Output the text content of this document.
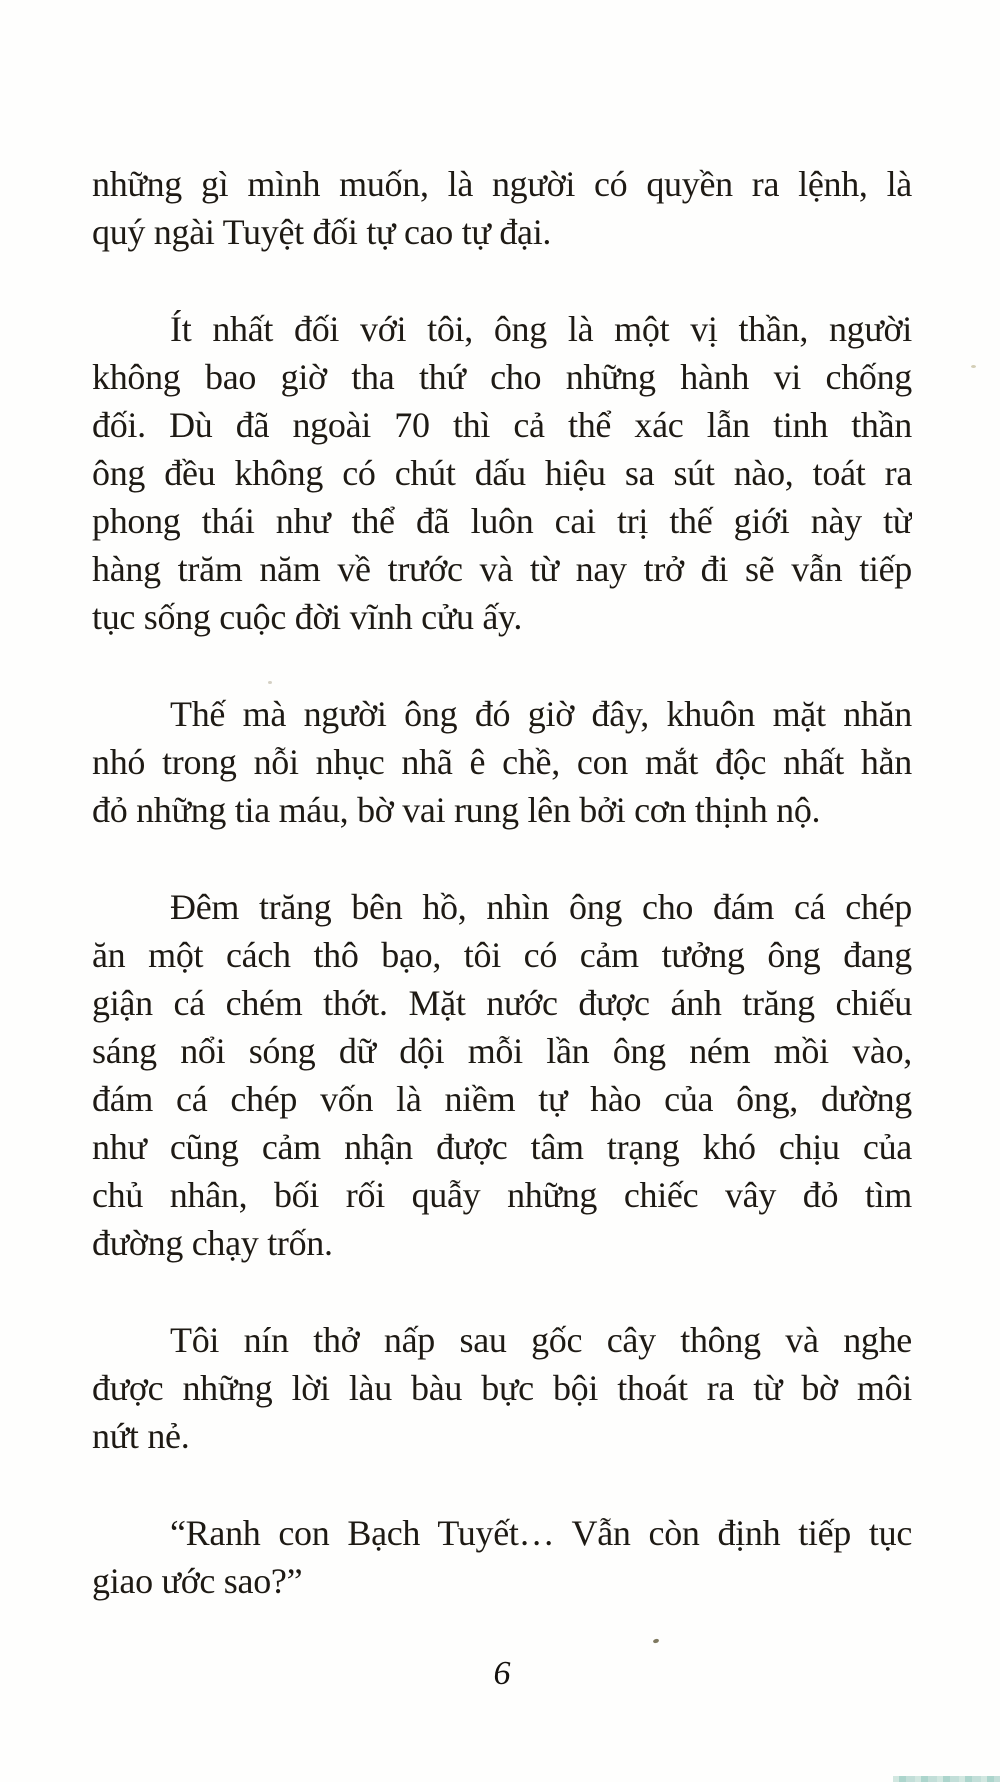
những gì mình muốn, là người có quyền ra lệnh, là
quý ngài Tuyệt đối tự cao tự đại.
Ít nhất đối với tôi, ông là một vị thần, người
không bao giờ tha thứ cho những hành vi chống
đối. Dù đã ngoài 70 thì cả thể xác lẫn tinh thần
ông đều không có chút dấu hiệu sa sút nào, toát ra
phong thái như thể đã luôn cai trị thế giới này từ
hàng trăm năm về trước và từ nay trở đi sẽ vẫn tiếp
tục sống cuộc đời vĩnh cửu ấy.
Thế mà người ông đó giờ đây, khuôn mặt nhăn
nhó trong nỗi nhục nhã ê chề, con mắt độc nhất hằn
đỏ những tia máu, bờ vai rung lên bởi cơn thịnh nộ.
Đêm trăng bên hồ, nhìn ông cho đám cá chép
ăn một cách thô bạo, tôi có cảm tưởng ông đang
giận cá chém thớt. Mặt nước được ánh trăng chiếu
sáng nổi sóng dữ dội mỗi lần ông ném mồi vào,
đám cá chép vốn là niềm tự hào của ông, dường
như cũng cảm nhận được tâm trạng khó chịu của
chủ nhân, bối rối quẫy những chiếc vây đỏ tìm
đường chạy trốn.
Tôi nín thở nấp sau gốc cây thông và nghe
được những lời làu bàu bực bội thoát ra từ bờ môi
nứt nẻ.
“Ranh con Bạch Tuyết… Vẫn còn định tiếp tục
giao ước sao?”
6
